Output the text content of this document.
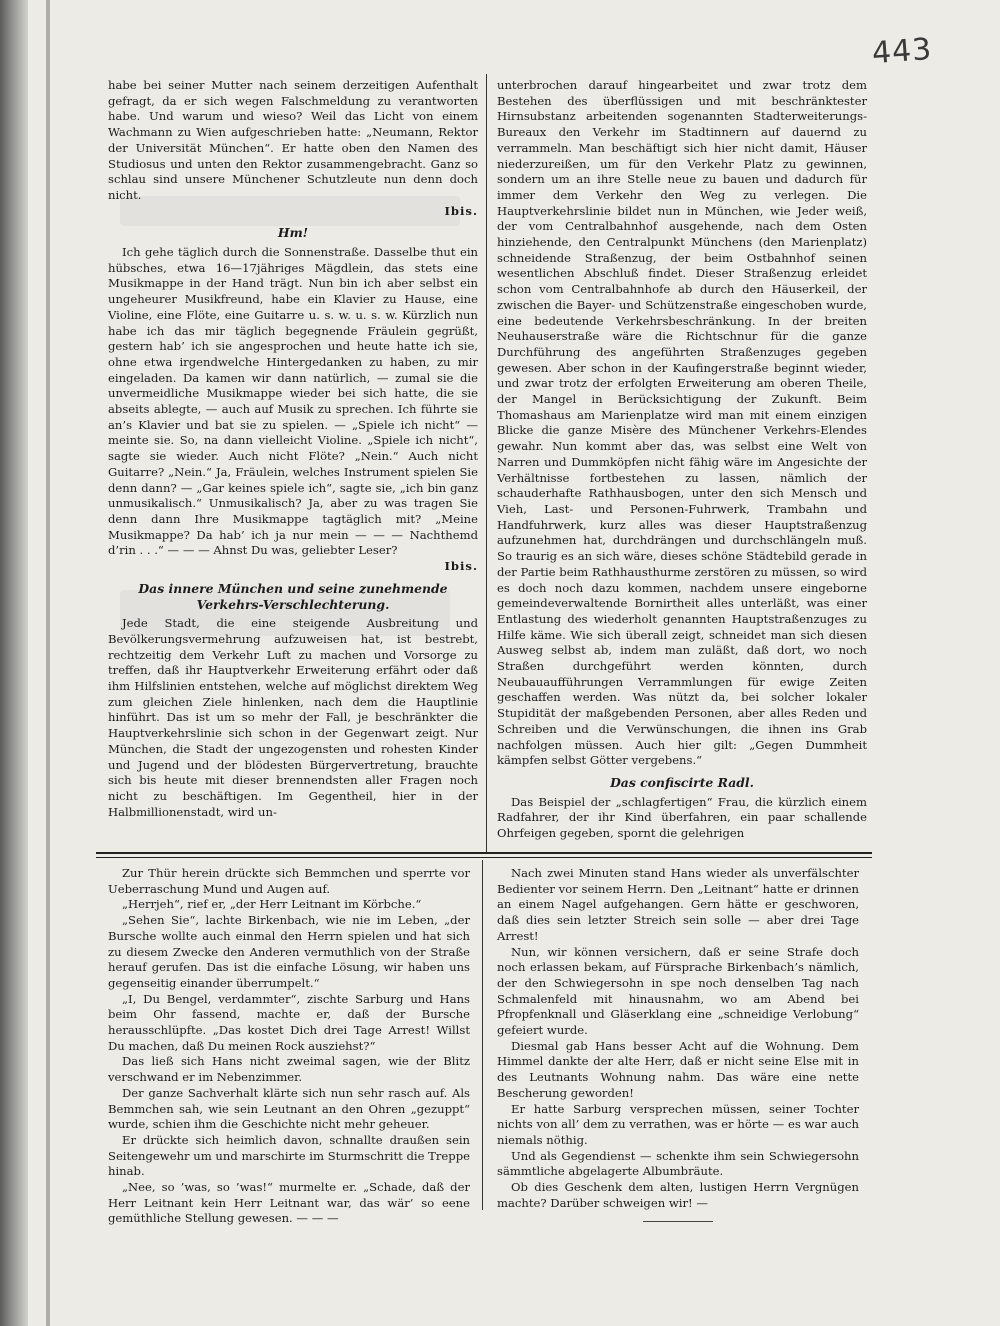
443

habe bei seiner Mutter nach seinem derzeitigen Aufenthalt gefragt, da er sich wegen Falschmeldung zu verantworten habe. Und warum und wieso? Weil das Licht von einem Wachmann zu Wien aufgeschrieben hatte: „Neumann, Rektor der Universität München“. Er hatte oben den Namen des Studiosus und unten den Rektor zusammengebracht. Ganz so schlau sind unsere Münchener Schutzleute nun denn doch nicht.

Ibis.

Hm!

Ich gehe täglich durch die Sonnenstraße. Dasselbe thut ein hübsches, etwa 16—17jähriges Mägdlein, das stets eine Musikmappe in der Hand trägt. Nun bin ich aber selbst ein ungeheurer Musikfreund, habe ein Klavier zu Hause, eine Violine, eine Flöte, eine Guitarre u. s. w. u. s. w. Kürzlich nun habe ich das mir täglich begegnende Fräulein gegrüßt, gestern hab’ ich sie angesprochen und heute hatte ich sie, ohne etwa irgendwelche Hintergedanken zu haben, zu mir eingeladen. Da kamen wir dann natürlich, — zumal sie die unvermeidliche Musikmappe wieder bei sich hatte, die sie abseits ablegte, — auch auf Musik zu sprechen. Ich führte sie an’s Klavier und bat sie zu spielen. — „Spiele ich nicht“ — meinte sie. So, na dann vielleicht Violine. „Spiele ich nicht“, sagte sie wieder. Auch nicht Flöte? „Nein.“ Auch nicht Guitarre? „Nein.“ Ja, Fräulein, welches Instrument spielen Sie denn dann? — „Gar keines spiele ich“, sagte sie, „ich bin ganz unmusikalisch.“ Unmusikalisch? Ja, aber zu was tragen Sie denn dann Ihre Musikmappe tagtäglich mit? „Meine Musikmappe? Da hab’ ich ja nur mein — — — Nachthemd d’rin . . .“ — — — Ahnst Du was, geliebter Leser?

Ibis.

Das innere München und seine zunehmende Verkehrs-Verschlechterung.

Jede Stadt, die eine steigende Ausbreitung und Bevölkerungsvermehrung aufzuweisen hat, ist bestrebt, rechtzeitig dem Verkehr Luft zu machen und Vorsorge zu treffen, daß ihr Hauptverkehr Erweiterung erfährt oder daß ihm Hilfslinien entstehen, welche auf möglichst direktem Weg zum gleichen Ziele hinlenken, nach dem die Hauptlinie hinführt. Das ist um so mehr der Fall, je beschränkter die Hauptverkehrslinie sich schon in der Gegenwart zeigt. Nur München, die Stadt der ungezogensten und rohesten Kinder und Jugend und der blödesten Bürgervertretung, brauchte sich bis heute mit dieser brennendsten aller Fragen noch nicht zu beschäftigen. Im Gegentheil, hier in der Halbmillionenstadt, wird un-

unterbrochen darauf hingearbeitet und zwar trotz dem Bestehen des überflüssigen und mit beschränktester Hirnsubstanz arbeitenden sogenannten Stadterweiterungs-Bureaux den Verkehr im Stadtinnern auf dauernd zu verrammeln. Man beschäftigt sich hier nicht damit, Häuser niederzureißen, um für den Verkehr Platz zu gewinnen, sondern um an ihre Stelle neue zu bauen und dadurch für immer dem Verkehr den Weg zu verlegen. Die Hauptverkehrslinie bildet nun in München, wie Jeder weiß, der vom Centralbahnhof ausgehende, nach dem Osten hinziehende, den Centralpunkt Münchens (den Marienplatz) schneidende Straßenzug, der beim Ostbahnhof seinen wesentlichen Abschluß findet. Dieser Straßenzug erleidet schon vom Centralbahnhofe ab durch den Häuserkeil, der zwischen die Bayer- und Schützenstraße eingeschoben wurde, eine bedeutende Verkehrsbeschränkung. In der breiten Neuhauserstraße wäre die Richtschnur für die ganze Durchführung des angeführten Straßenzuges gegeben gewesen. Aber schon in der Kaufingerstraße beginnt wieder, und zwar trotz der erfolgten Erweiterung am oberen Theile, der Mangel in Berücksichtigung der Zukunft. Beim Thomashaus am Marienplatze wird man mit einem einzigen Blicke die ganze Misère des Münchener Verkehrs-Elendes gewahr. Nun kommt aber das, was selbst eine Welt von Narren und Dummköpfen nicht fähig wäre im Angesichte der Verhältnisse fortbestehen zu lassen, nämlich der schauderhafte Rathhausbogen, unter den sich Mensch und Vieh, Last- und Personen-Fuhrwerk, Trambahn und Handfuhrwerk, kurz alles was dieser Hauptstraßenzug aufzunehmen hat, durchdrängen und durchschlängeln muß. So traurig es an sich wäre, dieses schöne Städtebild gerade in der Partie beim Rathhausthurme zerstören zu müssen, so wird es doch noch dazu kommen, nachdem unsere eingeborne gemeindeverwaltende Bornirtheit alles unterläßt, was einer Entlastung des wiederholt genannten Hauptstraßenzuges zu Hilfe käme. Wie sich überall zeigt, schneidet man sich diesen Ausweg selbst ab, indem man zuläßt, daß dort, wo noch Straßen durchgeführt werden könnten, durch Neubauaufführungen Verrammlungen für ewige Zeiten geschaffen werden. Was nützt da, bei solcher lokaler Stupidität der maßgebenden Personen, aber alles Reden und Schreiben und die Verwünschungen, die ihnen ins Grab nachfolgen müssen. Auch hier gilt: „Gegen Dummheit kämpfen selbst Götter vergebens.“

Das confiscirte Radl.

Das Beispiel der „schlagfertigen“ Frau, die kürzlich einem Radfahrer, der ihr Kind überfahren, ein paar schallende Ohrfeigen gegeben, spornt die gelehrigen

Zur Thür herein drückte sich Bemmchen und sperrte vor Ueberraschung Mund und Augen auf.

„Herrjeh“, rief er, „der Herr Leitnant im Körbche.“

„Sehen Sie“, lachte Birkenbach, wie nie im Leben, „der Bursche wollte auch einmal den Herrn spielen und hat sich zu diesem Zwecke den Anderen vermuthlich von der Straße herauf gerufen. Das ist die einfache Lösung, wir haben uns gegenseitig einander überrumpelt.“

„I, Du Bengel, verdammter“, zischte Sarburg und Hans beim Ohr fassend, machte er, daß der Bursche herausschlüpfte. „Das kostet Dich drei Tage Arrest! Willst Du machen, daß Du meinen Rock ausziehst?“

Das ließ sich Hans nicht zweimal sagen, wie der Blitz verschwand er im Nebenzimmer.

Der ganze Sachverhalt klärte sich nun sehr rasch auf. Als Bemmchen sah, wie sein Leutnant an den Ohren „gezuppt“ wurde, schien ihm die Geschichte nicht mehr geheuer.

Er drückte sich heimlich davon, schnallte draußen sein Seitengewehr um und marschirte im Sturmschritt die Treppe hinab.

„Nee, so ’was, so ’was!“ murmelte er. „Schade, daß der Herr Leitnant kein Herr Leitnant war, das wär’ so eene gemüthliche Stellung gewesen. — — —

Nach zwei Minuten stand Hans wieder als unverfälschter Bedienter vor seinem Herrn. Den „Leitnant“ hatte er drinnen an einem Nagel aufgehangen. Gern hätte er geschworen, daß dies sein letzter Streich sein solle — aber drei Tage Arrest!

Nun, wir können versichern, daß er seine Strafe doch noch erlassen bekam, auf Fürsprache Birkenbach’s nämlich, der den Schwiegersohn in spe noch denselben Tag nach Schmalenfeld mit hinausnahm, wo am Abend bei Pfropfenknall und Gläserklang eine „schneidige Verlobung“ gefeiert wurde.

Diesmal gab Hans besser Acht auf die Wohnung. Dem Himmel dankte der alte Herr, daß er nicht seine Else mit in des Leutnants Wohnung nahm. Das wäre eine nette Bescherung geworden!

Er hatte Sarburg versprechen müssen, seiner Tochter nichts von all’ dem zu verrathen, was er hörte — es war auch niemals nöthig.

Und als Gegendienst — schenkte ihm sein Schwiegersohn sämmtliche abgelagerte Albumbräute.

Ob dies Geschenk dem alten, lustigen Herrn Vergnügen machte? Darüber schweigen wir! —
